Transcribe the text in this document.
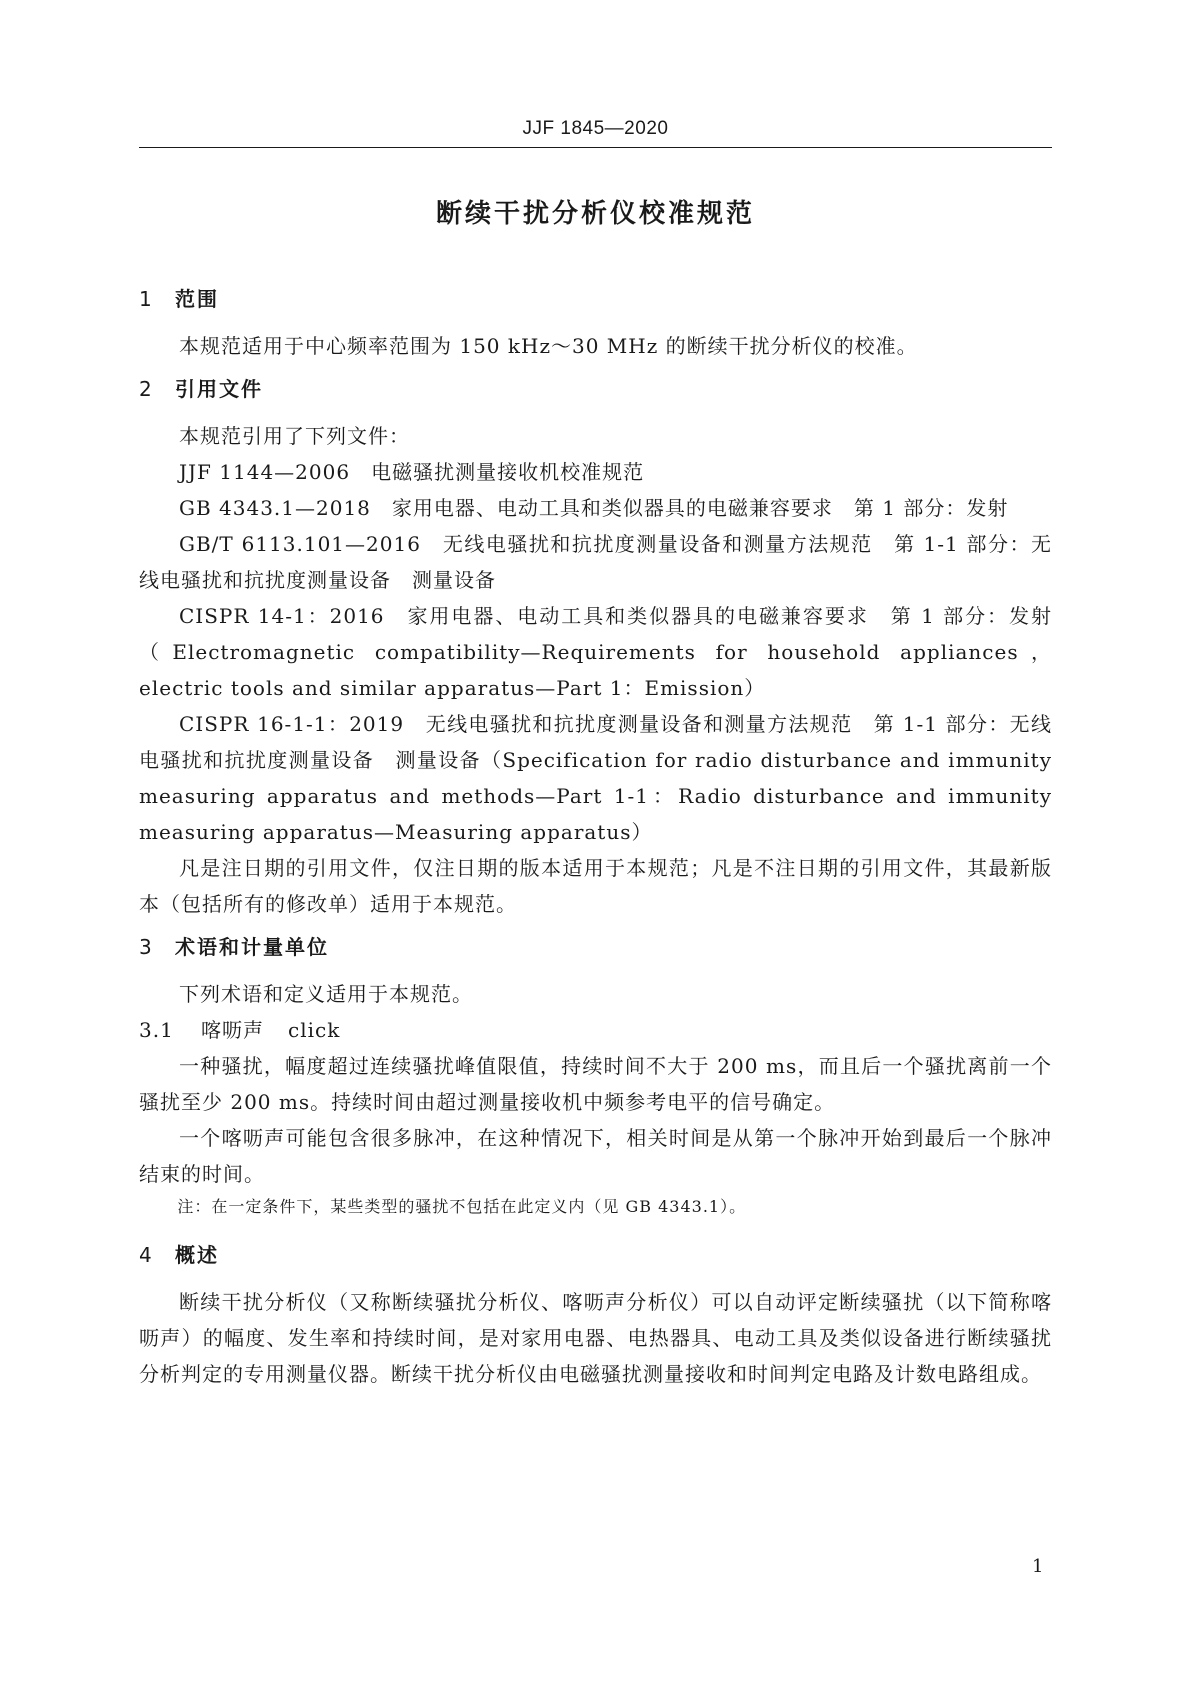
JJF 1845—2020
断续干扰分析仪校准规范
1 范围

本规范适用于中心频率范围为 150 kHz～30 MHz 的断续干扰分析仪的校准。

2 引用文件

本规范引用了下列文件：

JJF 1144—2006　电磁骚扰测量接收机校准规范

GB 4343.1—2018　家用电器、电动工具和类似器具的电磁兼容要求　第 1 部分：发射

GB/T 6113.101—2016　无线电骚扰和抗扰度测量设备和测量方法规范　第 1-1 部分：无线电骚扰和抗扰度测量设备　测量设备

CISPR 14-1：2016　家用电器、电动工具和类似器具的电磁兼容要求　第 1 部分：发射（Electromagnetic compatibility—Requirements for household appliances，electric tools and similar apparatus—Part 1：Emission）

CISPR 16-1-1：2019　无线电骚扰和抗扰度测量设备和测量方法规范　第 1-1 部分：无线电骚扰和抗扰度测量设备　测量设备（Specification for radio disturbance and immunity measuring apparatus and methods—Part 1-1：Radio disturbance and immunity measuring apparatus—Measuring apparatus）

凡是注日期的引用文件，仅注日期的版本适用于本规范；凡是不注日期的引用文件，其最新版本（包括所有的修改单）适用于本规范。

3 术语和计量单位

下列术语和定义适用于本规范。

3.1 喀呖声 click

一种骚扰，幅度超过连续骚扰峰值限值，持续时间不大于 200 ms，而且后一个骚扰离前一个骚扰至少 200 ms。持续时间由超过测量接收机中频参考电平的信号确定。

一个喀呖声可能包含很多脉冲，在这种情况下，相关时间是从第一个脉冲开始到最后一个脉冲结束的时间。

注：在一定条件下，某些类型的骚扰不包括在此定义内（见 GB 4343.1）。

4 概述

断续干扰分析仪（又称断续骚扰分析仪、喀呖声分析仪）可以自动评定断续骚扰（以下简称喀呖声）的幅度、发生率和持续时间，是对家用电器、电热器具、电动工具及类似设备进行断续骚扰分析判定的专用测量仪器。断续干扰分析仪由电磁骚扰测量接收和时间判定电路及计数电路组成。

1
